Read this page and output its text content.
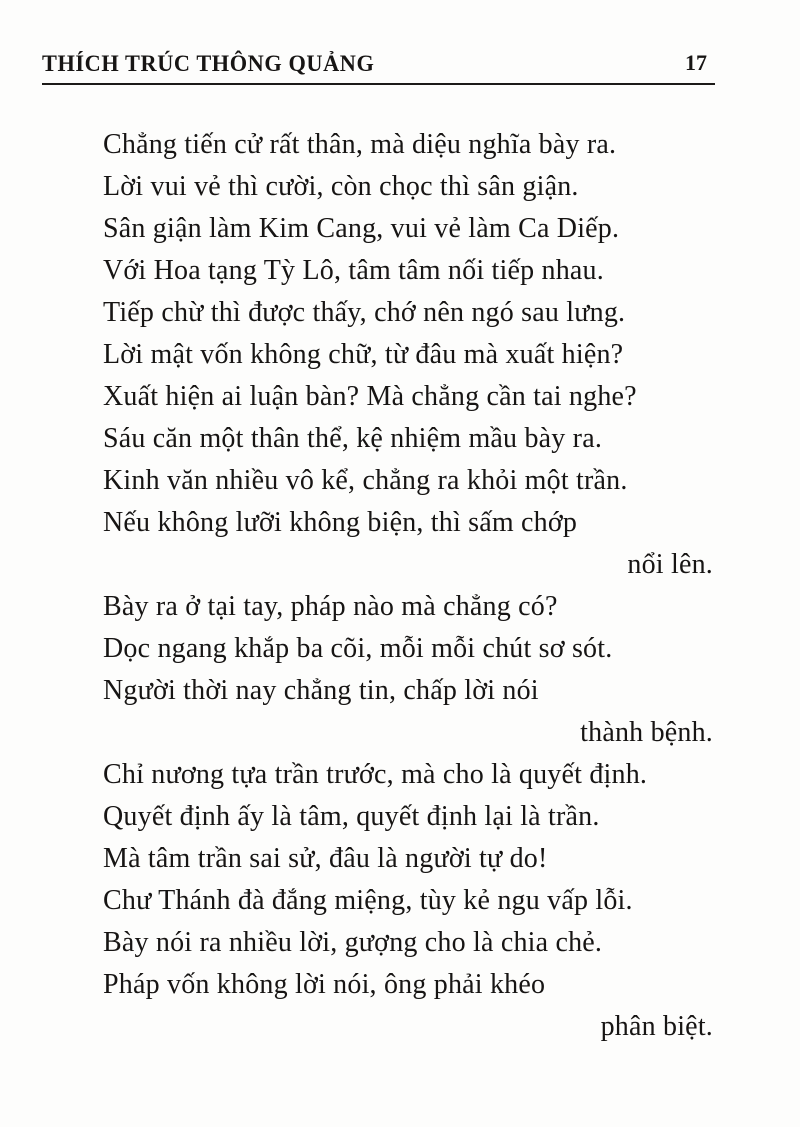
THÍCH TRÚC THÔNG QUẢNG	17
Chẳng tiến cử rất thân, mà diệu nghĩa bày ra.
Lời vui vẻ thì cười, còn chọc thì sân giận.
Sân giận làm Kim Cang, vui vẻ làm Ca Diếp.
Với Hoa tạng Tỳ Lô, tâm tâm nối tiếp nhau.
Tiếp chừ thì được thấy, chớ nên ngó sau lưng.
Lời mật vốn không chữ, từ đâu mà xuất hiện?
Xuất hiện ai luận bàn? Mà chẳng cần tai nghe?
Sáu căn một thân thể, kệ nhiệm mầu bày ra.
Kinh văn nhiều vô kể, chẳng ra khỏi một trần.
Nếu không lưỡi không biện, thì sấm chớp
nổi lên.
Bày ra ở tại tay, pháp nào mà chẳng có?
Dọc ngang khắp ba cõi, mỗi mỗi chút sơ sót.
Người thời nay chẳng tin, chấp lời nói
thành bệnh.
Chỉ nương tựa trần trước, mà cho là quyết định.
Quyết định ấy là tâm, quyết định lại là trần.
Mà tâm trần sai sử, đâu là người tự do!
Chư Thánh đà đắng miệng, tùy kẻ ngu vấp lỗi.
Bày nói ra nhiều lời, gượng cho là chia chẻ.
Pháp vốn không lời nói, ông phải khéo
phân biệt.
